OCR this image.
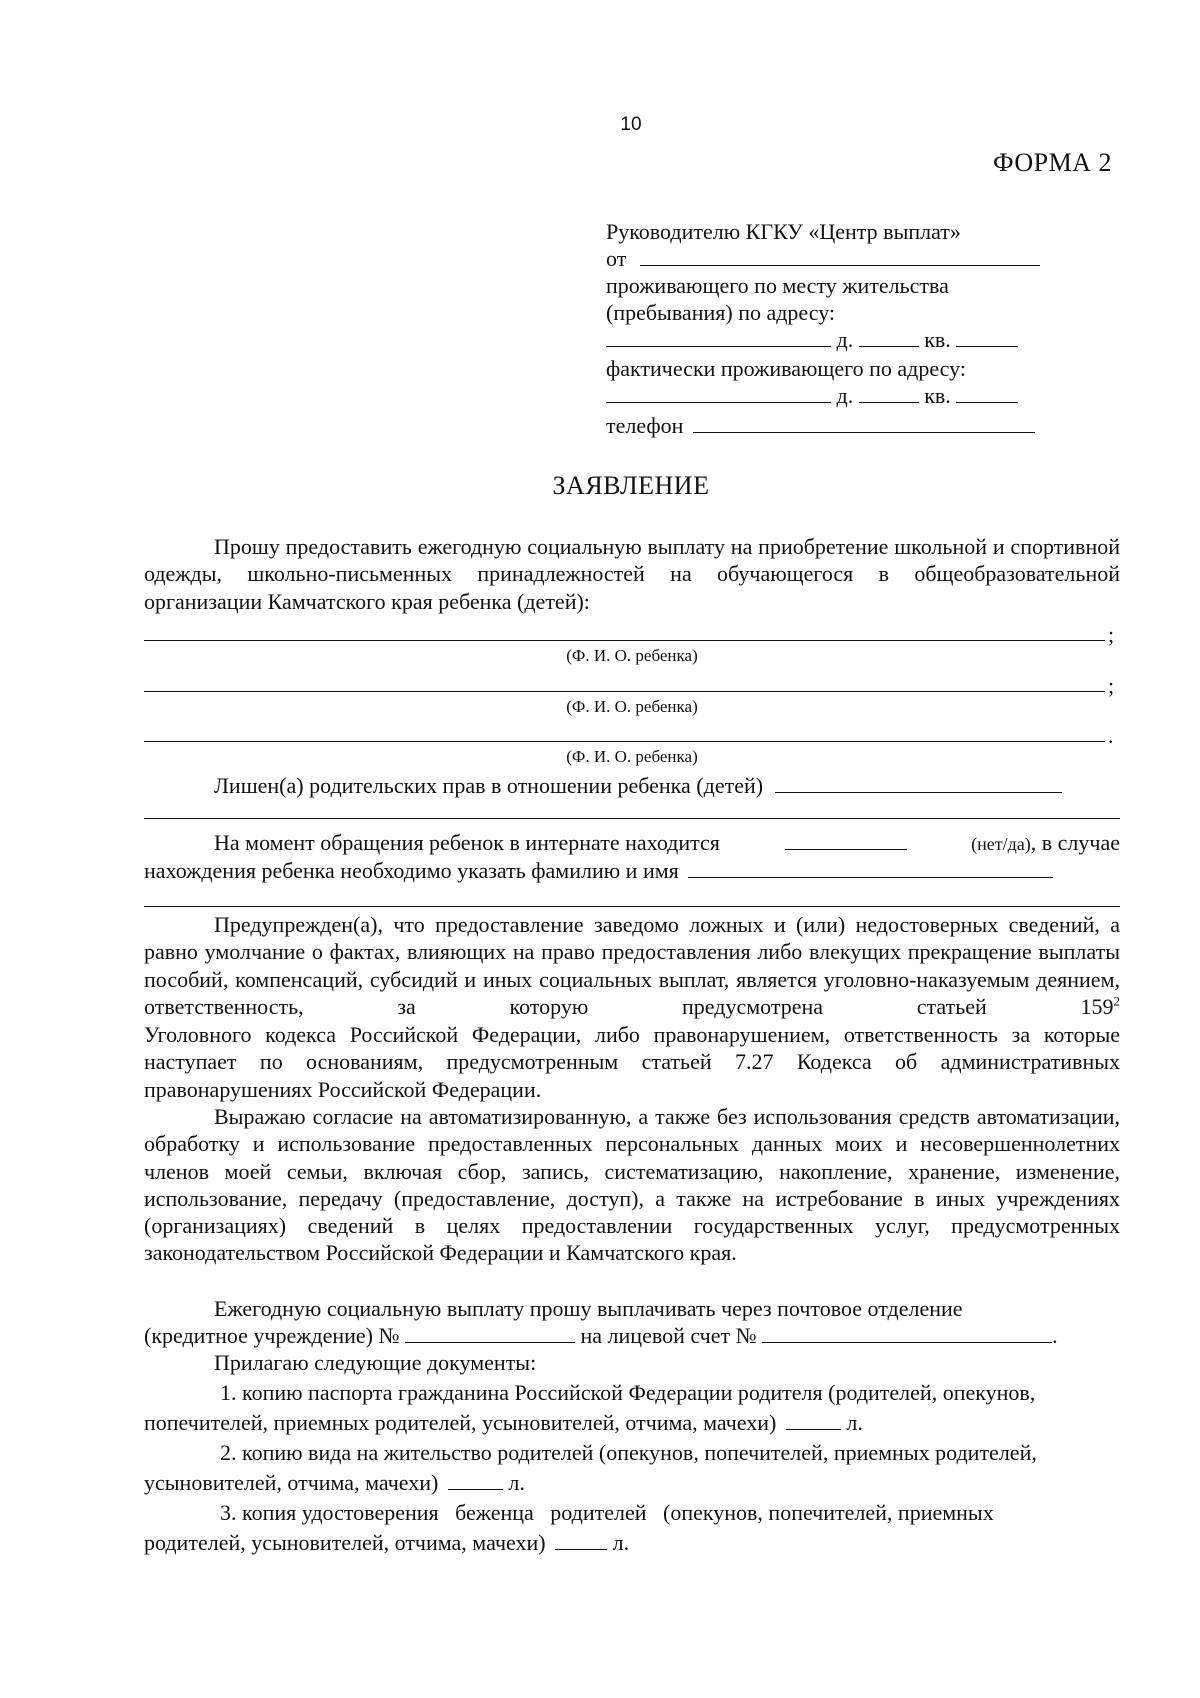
10
ФОРМА 2
Руководителю КГКУ «Центр выплат»
от
проживающего по месту жительства
(пребывания) по адресу:
д.	кв.
фактически проживающего по адресу:
д.	кв.
телефон
ЗАЯВЛЕНИЕ
Прошу предоставить ежегодную социальную выплату на приобретение школьной и спортивной одежды, школьно-письменных принадлежностей на обучающегося в общеобразовательной организации Камчатского края ребенка (детей):
;
(Ф. И. О. ребенка)
;
(Ф. И. О. ребенка)
.
(Ф. И. О. ребенка)
Лишен(а) родительских прав в отношении ребенка (детей)
На момент обращения ребенок в интернате находится	(нет/да), в случае
нахождения ребенка необходимо указать фамилию и имя
Предупрежден(а), что предоставление заведомо ложных и (или) недостоверных сведений, а равно умолчание о фактах, влияющих на право предоставления либо влекущих прекращение выплаты пособий, компенсаций, субсидий и иных социальных выплат, является уголовно-наказуемым деянием, ответственность, за которую предусмотрена статьей $159^2$
Уголовного кодекса Российской Федерации, либо правонарушением, ответственность за которые наступает по основаниям, предусмотренным статьей 7.27 Кодекса об административных правонарушениях Российской Федерации.
Выражаю согласие на автоматизированную, а также без использования средств автоматизации, обработку и использование предоставленных персональных данных моих и несовершеннолетних членов моей семьи, включая сбор, запись, систематизацию, накопление, хранение, изменение, использование, передачу (предоставление, доступ), а также на истребование в иных учреждениях (организациях) сведений в целях предоставлении государственных услуг, предусмотренных законодательством Российской Федерации и Камчатского края.
Ежегодную социальную выплату прошу выплачивать через почтовое отделение
(кредитное учреждение) №	на лицевой счет №	.
Прилагаю следующие документы:
1. копию паспорта гражданина Российской Федерации родителя (родителей, опекунов,
попечителей, приемных родителей, усыновителей, отчима, мачехи)	л.
2. копию вида на жительство родителей (опекунов, попечителей, приемных родителей,
усыновителей, отчима, мачехи)	л.
3. копия удостоверения   беженца   родителей   (опекунов, попечителей, приемных
родителей, усыновителей, отчима, мачехи)	л.
